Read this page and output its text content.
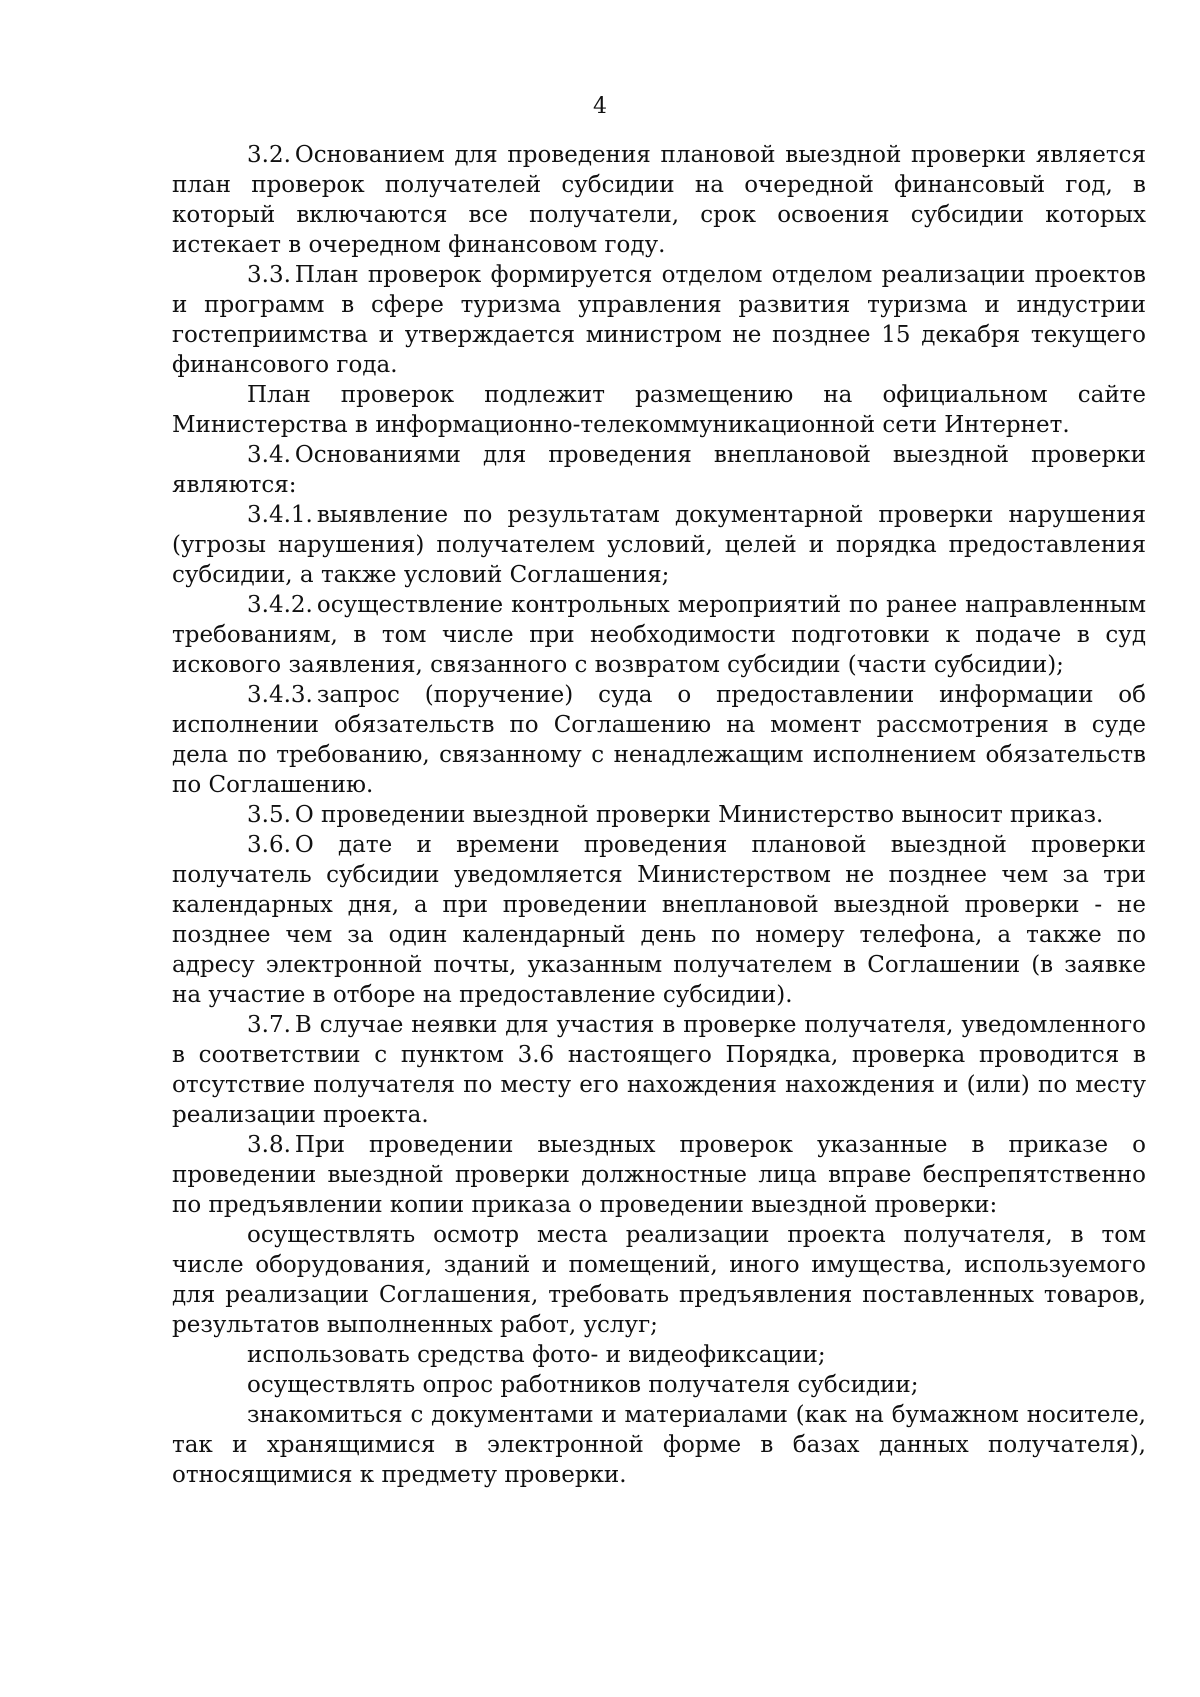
4

3.2. Основанием для проведения плановой выездной проверки является план проверок получателей субсидии на очередной финансовый год, в который включаются все получатели, срок освоения субсидии которых истекает в очередном финансовом году.

3.3. План проверок формируется отделом отделом реализации проектов и программ в сфере туризма управления развития туризма и индустрии гостеприимства и утверждается министром не позднее 15 декабря текущего финансового года.

План проверок подлежит размещению на официальном сайте Министерства в информационно-телекоммуникационной сети Интернет.

3.4. Основаниями для проведения внеплановой выездной проверки являются:

3.4.1. выявление по результатам документарной проверки нарушения (угрозы нарушения) получателем условий, целей и порядка предоставления субсидии, а также условий Соглашения;

3.4.2. осуществление контрольных мероприятий по ранее направленным требованиям, в том числе при необходимости подготовки к подаче в суд искового заявления, связанного с возвратом субсидии (части субсидии);

3.4.3. запрос (поручение) суда о предоставлении информации об исполнении обязательств по Соглашению на момент рассмотрения в суде дела по требованию, связанному с ненадлежащим исполнением обязательств по Соглашению.

3.5. О проведении выездной проверки Министерство выносит приказ.

3.6. О дате и времени проведения плановой выездной проверки получатель субсидии уведомляется Министерством не позднее чем за три календарных дня, а при проведении внеплановой выездной проверки - не позднее чем за один календарный день по номеру телефона, а также по адресу электронной почты, указанным получателем в Соглашении (в заявке на участие в отборе на предоставление субсидии).

3.7. В случае неявки для участия в проверке получателя, уведомленного в соответствии с пунктом 3.6 настоящего Порядка, проверка проводится в отсутствие получателя по месту его нахождения нахождения и (или) по месту реализации проекта.

3.8. При проведении выездных проверок указанные в приказе о проведении выездной проверки должностные лица вправе беспрепятственно по предъявлении копии приказа о проведении выездной проверки:

осуществлять осмотр места реализации проекта получателя, в том числе оборудования, зданий и помещений, иного имущества, используемого для реализации Соглашения, требовать предъявления поставленных товаров, результатов выполненных работ, услуг;

использовать средства фото- и видеофиксации;

осуществлять опрос работников получателя субсидии;

знакомиться с документами и материалами (как на бумажном носителе, так и хранящимися в электронной форме в базах данных получателя), относящимися к предмету проверки.
